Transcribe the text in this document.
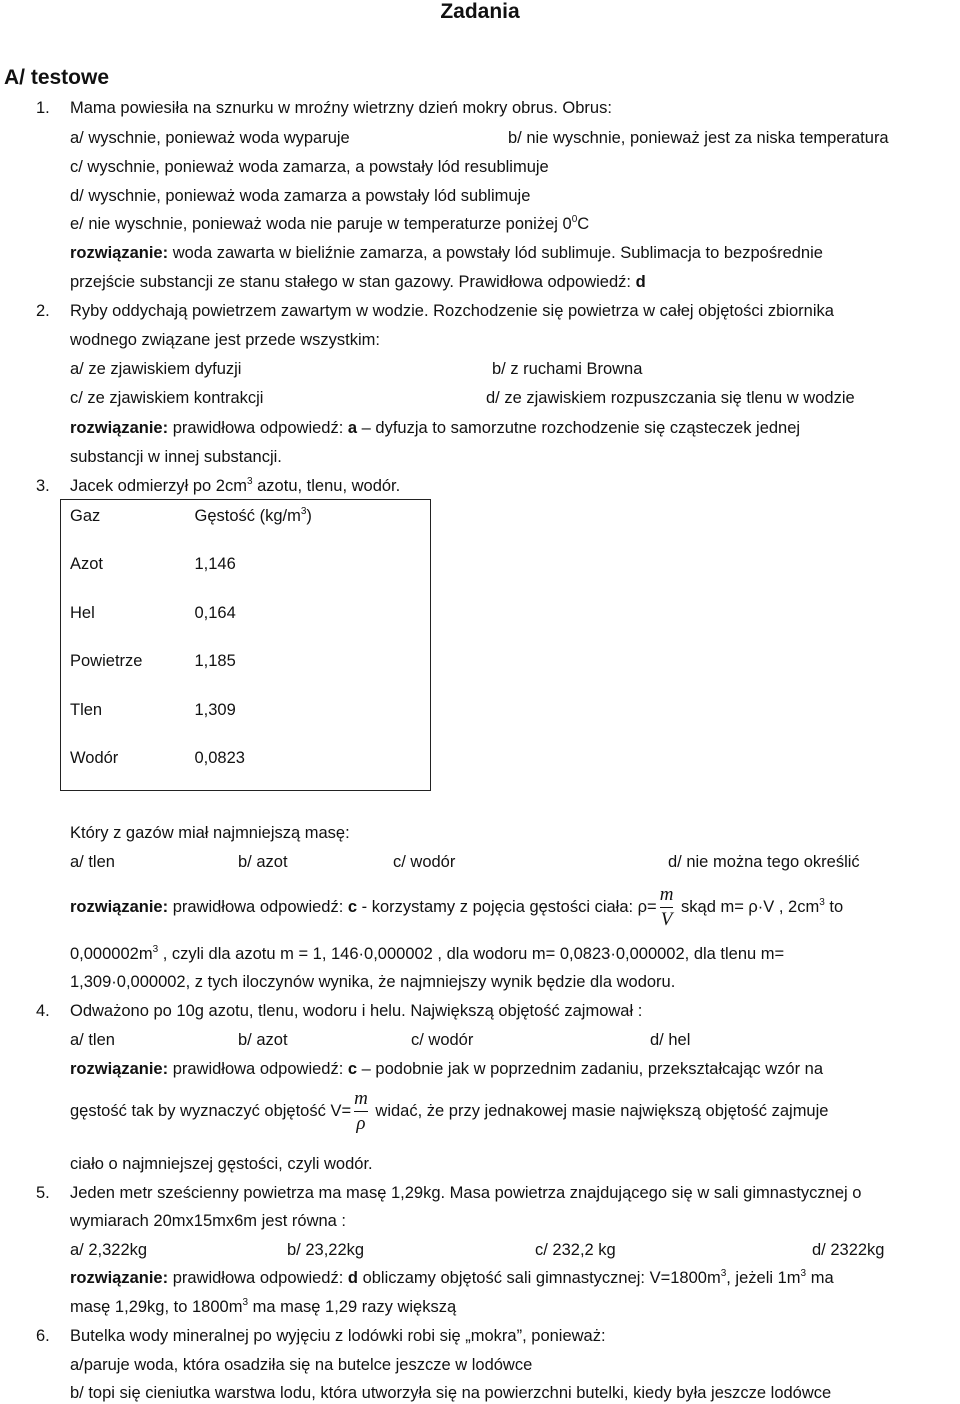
Zadania
A/ testowe
1. Mama powiesiła na sznurku w mroźny wietrzny dzień mokry obrus. Obrus:
a/ wyschnie, ponieważ woda wyparuje	b/ nie wyschnie, ponieważ jest za niska temperatura
c/ wyschnie, ponieważ woda zamarza, a powstały lód resublimuje
d/ wyschnie, ponieważ woda zamarza a powstały lód sublimuje
e/ nie wyschnie, ponieważ woda nie paruje w temperaturze poniżej $0^0C$
rozwiązanie: woda zawarta w bieliźnie zamarza, a powstały lód sublimuje. Sublimacja to bezpośrednie
przejście substancji ze stanu stałego w stan gazowy. Prawidłowa odpowiedź: d
2. Ryby oddychają powietrzem zawartym w wodzie. Rozchodzenie się powietrza w całej objętości zbiornika
wodnego związane jest przede wszystkim:
a/ ze zjawiskiem dyfuzji	b/ z ruchami Browna
c/ ze zjawiskiem kontrakcji	d/ ze zjawiskiem rozpuszczania się tlenu w wodzie
rozwiązanie: prawidłowa odpowiedź: a – dyfuzja to samorzutne rozchodzenie się cząsteczek jednej
substancji w innej substancji.
3. Jacek odmierzył po $2cm^3$ azotu, tlenu, wodór.
Gaz	Gęstość $(kg/m^3)$
Azot	1,146
Hel	0,164
Powietrze	1,185
Tlen	1,309
Wodór	0,0823
Który z gazów miał najmniejszą masę:
a/ tlen	b/ azot	c/ wodór	d/ nie można tego określić
rozwiązanie: prawidłowa odpowiedź: c - korzystamy z pojęcia gęstości ciała: $\rho= \frac{m}{V}$ skąd m= ρ·V , $2cm^3$ to
$0,000002m^3$ , czyli dla azotu m = 1, 146·0,000002 , dla wodoru m= 0,0823·0,000002, dla tlenu m=
1,309·0,000002, z tych iloczynów wynika, że najmniejszy wynik będzie dla wodoru.
4. Odważono po 10g azotu, tlenu, wodoru i helu. Największą objętość zajmował :
a/ tlen	b/ azot	c/ wodór	d/ hel
rozwiązanie: prawidłowa odpowiedź: c – podobnie jak w poprzednim zadaniu, przekształcając wzór na
gęstość tak by wyznaczyć objętość $V= \frac{m}{\rho}$ widać, że przy jednakowej masie największą objętość zajmuje
ciało o najmniejszej gęstości, czyli wodór.
5. Jeden metr sześcienny powietrza ma masę 1,29kg. Masa powietrza znajdującego się w sali gimnastycznej o
wymiarach 20mx15mx6m jest równa :
a/ 2,322kg	b/ 23,22kg	c/ 232,2 kg	d/ 2322kg
rozwiązanie: prawidłowa odpowiedź: d obliczamy objętość sali gimnastycznej: $V=1800m^3$, jeżeli $1m^3$ ma
masę 1,29kg, to $1800m^3$ ma masę 1,29 razy większą
6. Butelka wody mineralnej po wyjęciu z lodówki robi się „mokra”, ponieważ:
a/paruje woda, która osadziła się na butelce jeszcze w lodówce
b/ topi się cieniutka warstwa lodu, która utworzyła się na powierzchni butelki, kiedy była jeszcze lodówce
